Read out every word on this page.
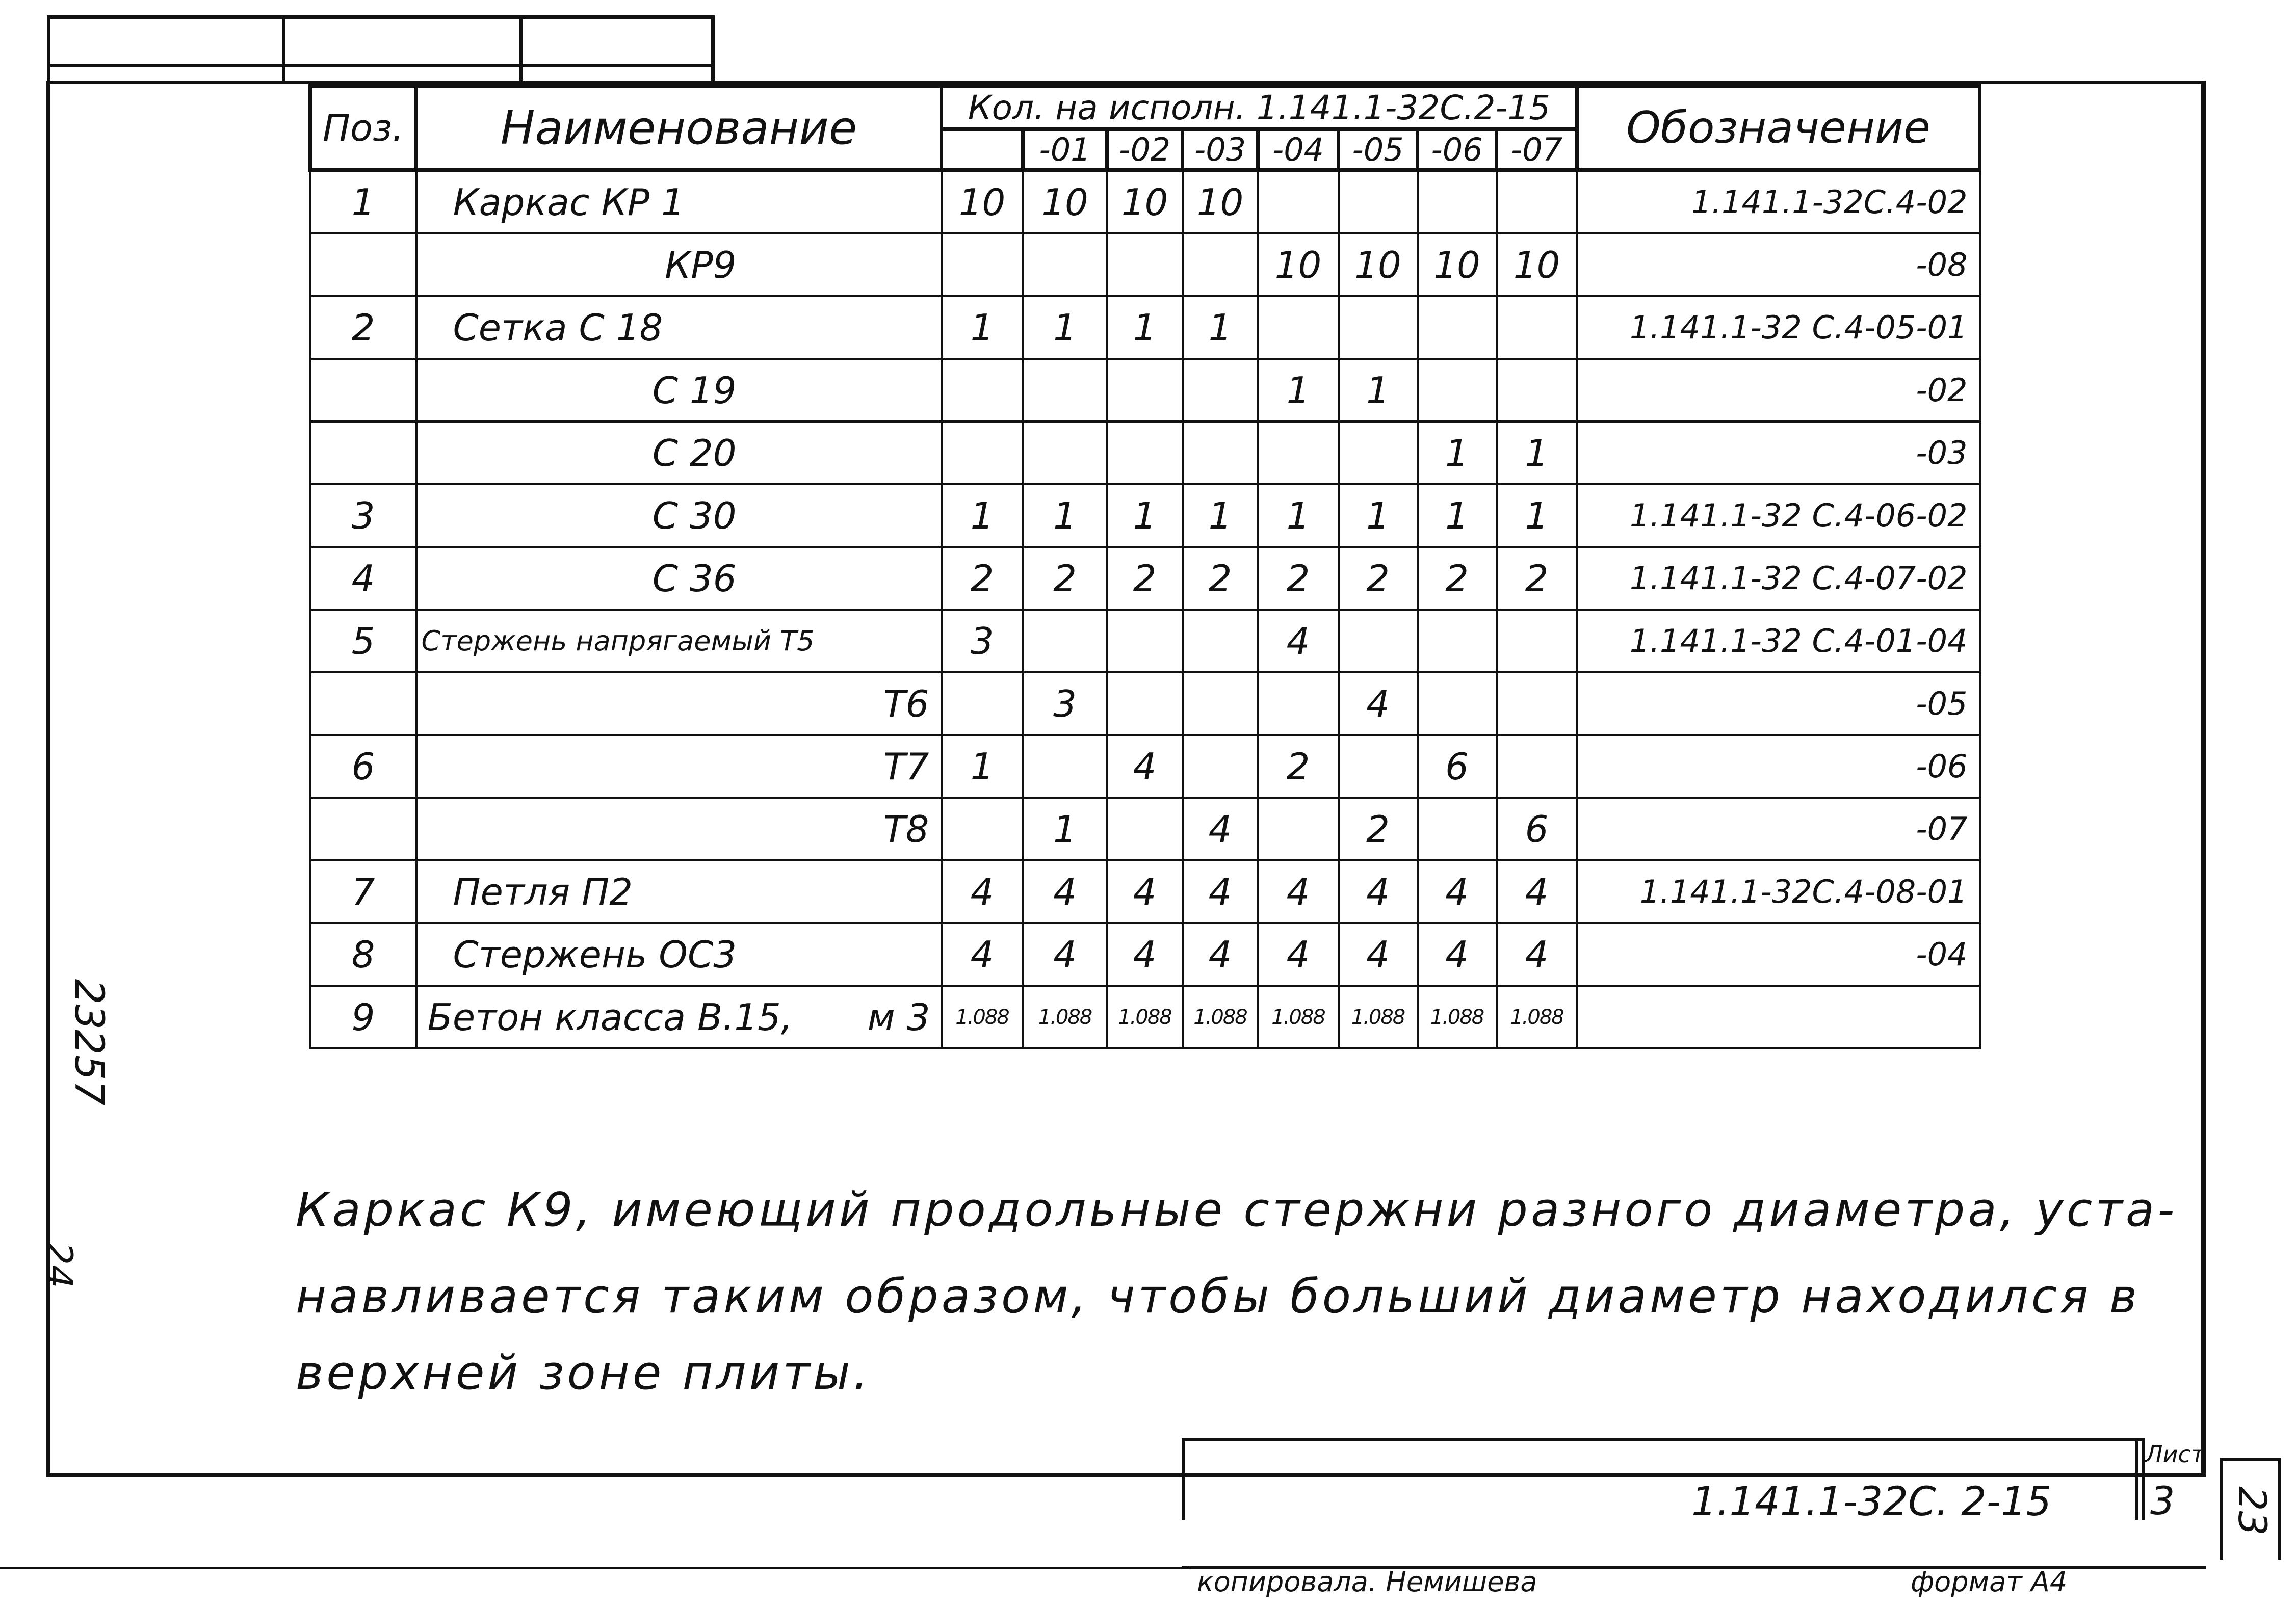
23257
24
Поз.	Наименование	Кол. на исполн. 1.141.1-32С.2-15								Обозначение
			-01	-02	-03	-04	-05	-06	-07	
1	Каркас КР 1	10	10	10	10					1.141.1-32С.4-02
	КР9					10	10	10	10	-08
2	Сетка С 18	1	1	1	1					1.141.1-32 С.4-05-01
	С 19					1	1			-02
	С 20							1	1	-03
3	С 30	1	1	1	1	1	1	1	1	1.141.1-32 С.4-06-02
4	С 36	2	2	2	2	2	2	2	2	1.141.1-32 С.4-07-02
5	Стержень напрягаемый Т5	3				4				1.141.1-32 С.4-01-04
	Т6		3				4			-05
6	Т7	1		4		2		6		-06
	Т8		1		4		2		6	-07
7	Петля П2	4	4	4	4	4	4	4	4	1.141.1-32С.4-08-01
8	Стержень ОС3	4	4	4	4	4	4	4	4	-04
9	Бетон класса В.15, м 3	1.088	1.088	1.088	1.088	1.088	1.088	1.088	1.088	
Каркас К9, имеющий продольные стержни разного диаметра, уста-
навливается таким образом, чтобы больший диаметр находился в
верхней зоне плиты.
Лист
3
1.141.1-32С. 2-15
копировала. Немишева	формат А4
23
